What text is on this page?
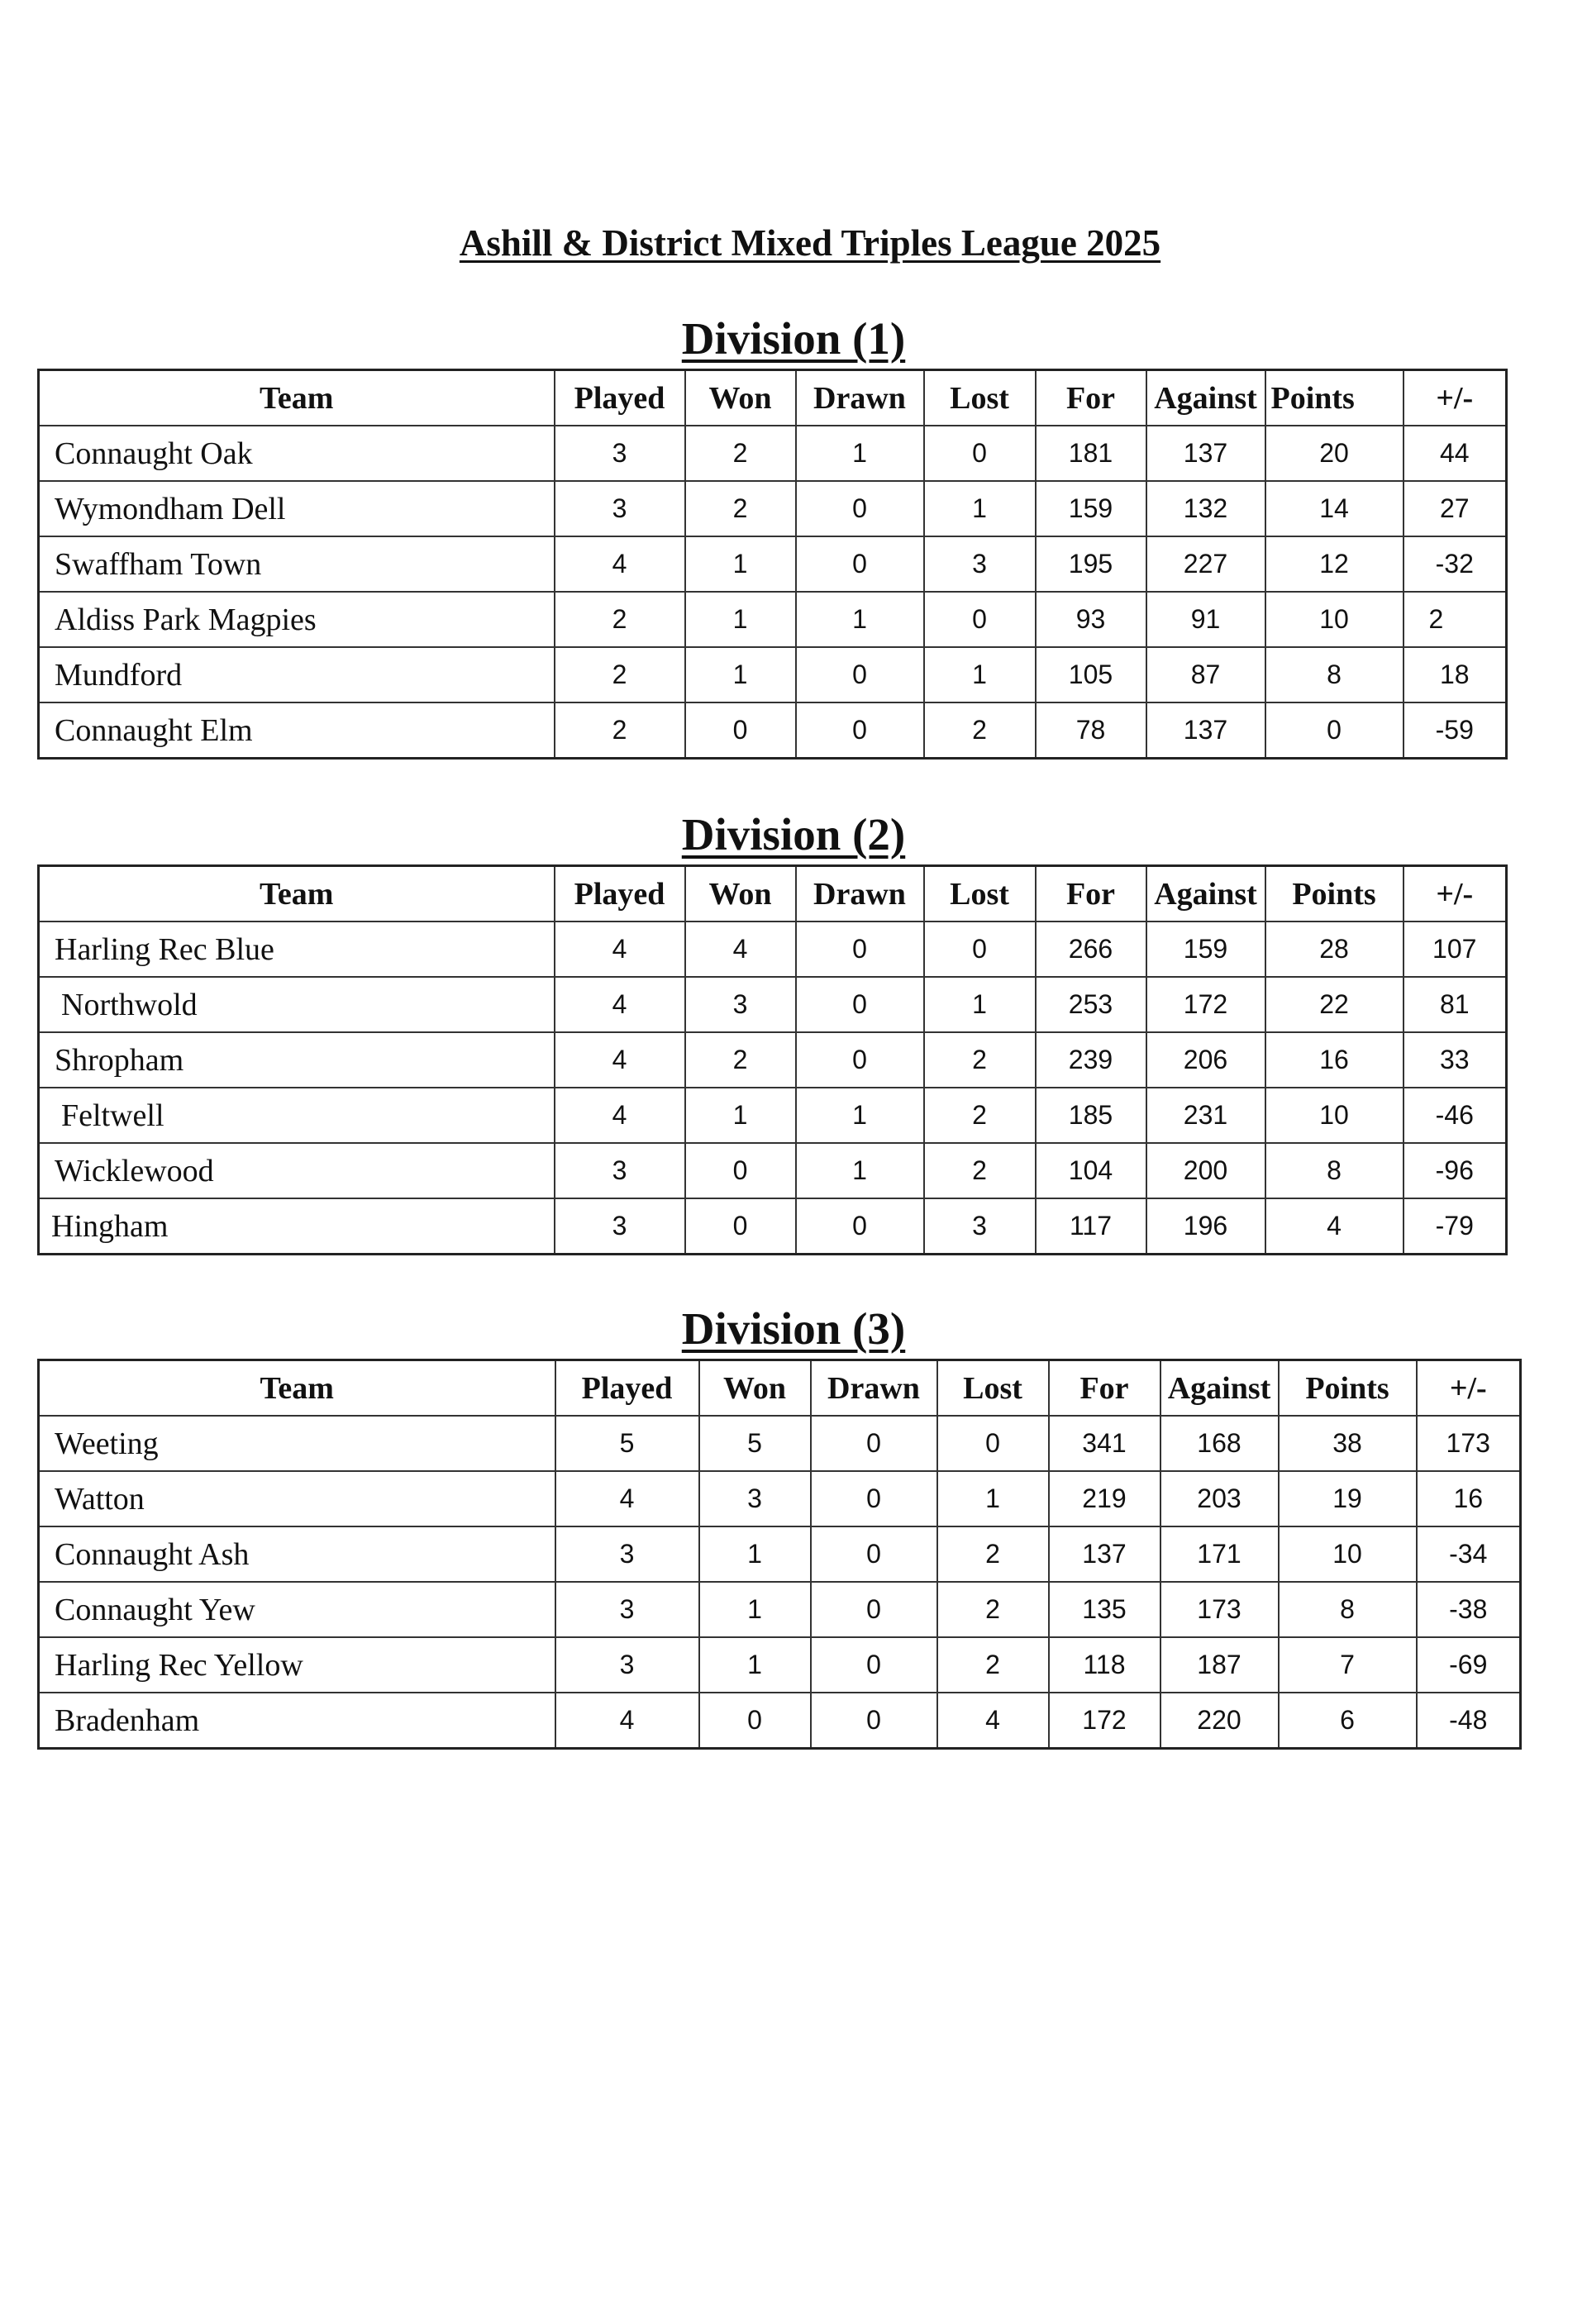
Ashill & District Mixed Triples League 2025
Division (1)
Team	Played	Won	Drawn	Lost	For	Against	Points	+/-
Connaught Oak	3	2	1	0	181	137	20	44
Wymondham Dell	3	2	0	1	159	132	14	27
Swaffham Town	4	1	0	3	195	227	12	-32
Aldiss Park Magpies	2	1	1	0	93	91	10	2
Mundford	2	1	0	1	105	87	8	18
Connaught Elm	2	0	0	2	78	137	0	-59
Division (2)
Team	Played	Won	Drawn	Lost	For	Against	Points	+/-
Harling Rec Blue	4	4	0	0	266	159	28	107
Northwold	4	3	0	1	253	172	22	81
Shropham	4	2	0	2	239	206	16	33
Feltwell	4	1	1	2	185	231	10	-46
Wicklewood	3	0	1	2	104	200	8	-96
Hingham	3	0	0	3	117	196	4	-79
Division (3)
Team	Played	Won	Drawn	Lost	For	Against	Points	+/-
Weeting	5	5	0	0	341	168	38	173
Watton	4	3	0	1	219	203	19	16
Connaught Ash	3	1	0	2	137	171	10	-34
Connaught Yew	3	1	0	2	135	173	8	-38
Harling Rec Yellow	3	1	0	2	118	187	7	-69
Bradenham	4	0	0	4	172	220	6	-48
